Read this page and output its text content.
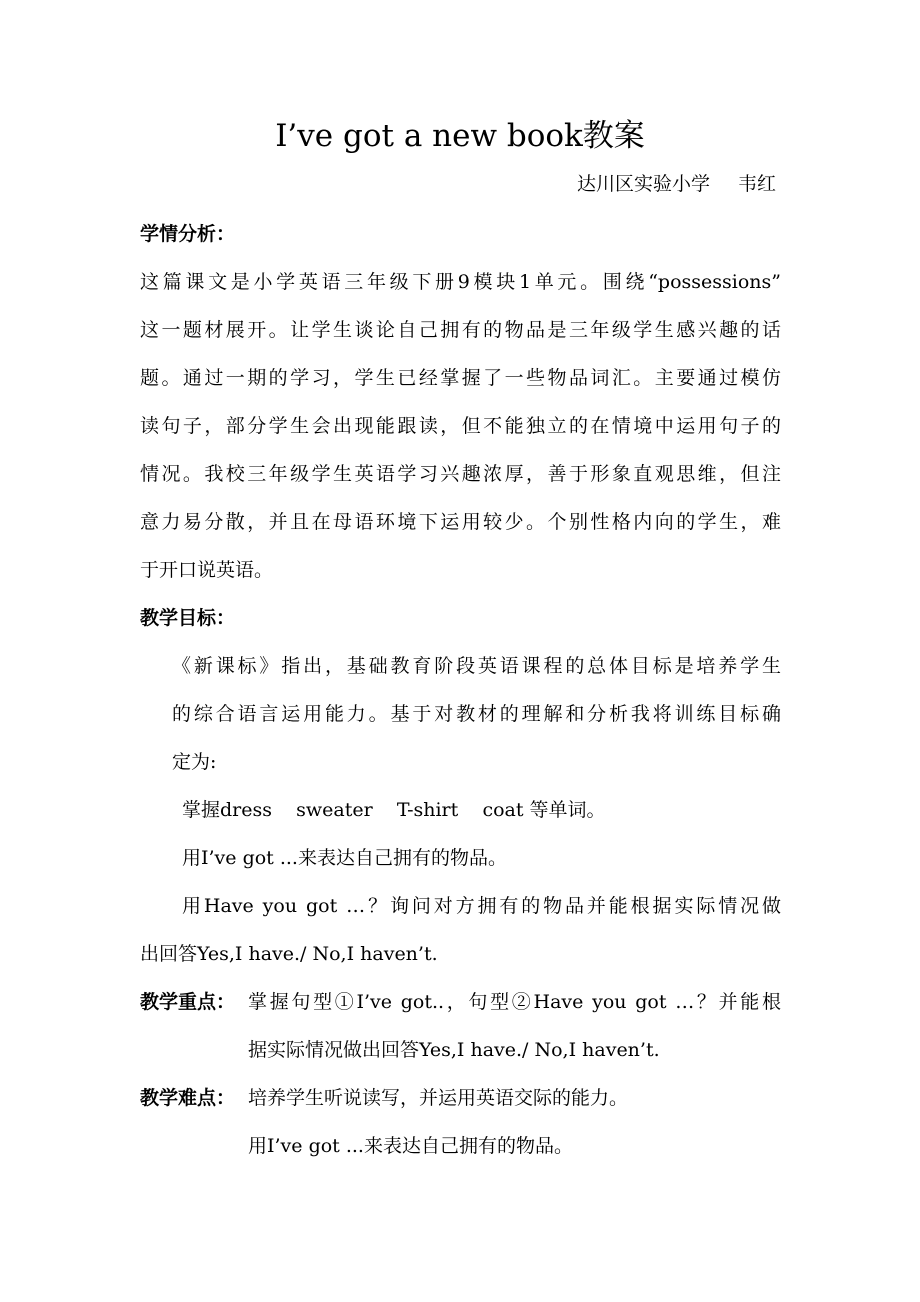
I’ve got a new book教案
达川区实验小学 韦红
学情分析：
这篇课文是小学英语三年级下册9模块1单元。围绕“possessions”
这一题材展开。让学生谈论自己拥有的物品是三年级学生感兴趣的话
题。通过一期的学习，学生已经掌握了一些物品词汇。主要通过模仿
读句子，部分学生会出现能跟读，但不能独立的在情境中运用句子的
情况。我校三年级学生英语学习兴趣浓厚，善于形象直观思维，但注
意力易分散，并且在母语环境下运用较少。个别性格内向的学生，难
于开口说英语。
教学目标：
《新课标》指出，基础教育阶段英语课程的总体目标是培养学生
的综合语言运用能力。基于对教材的理解和分析我将训练目标确
定为:
掌握dress    sweater    T-shirt    coat 等单词。
用I’ve got ...来表达自己拥有的物品。
用Have you got …？询问对方拥有的物品并能根据实际情况做
出回答Yes,I have./ No,I haven’t.
教学重点： 掌握句型①I’ve got..，句型②Have you got …？并能根
据实际情况做出回答Yes,I have./ No,I haven’t.
教学难点： 培养学生听说读写，并运用英语交际的能力。
用I’ve got ...来表达自己拥有的物品。
